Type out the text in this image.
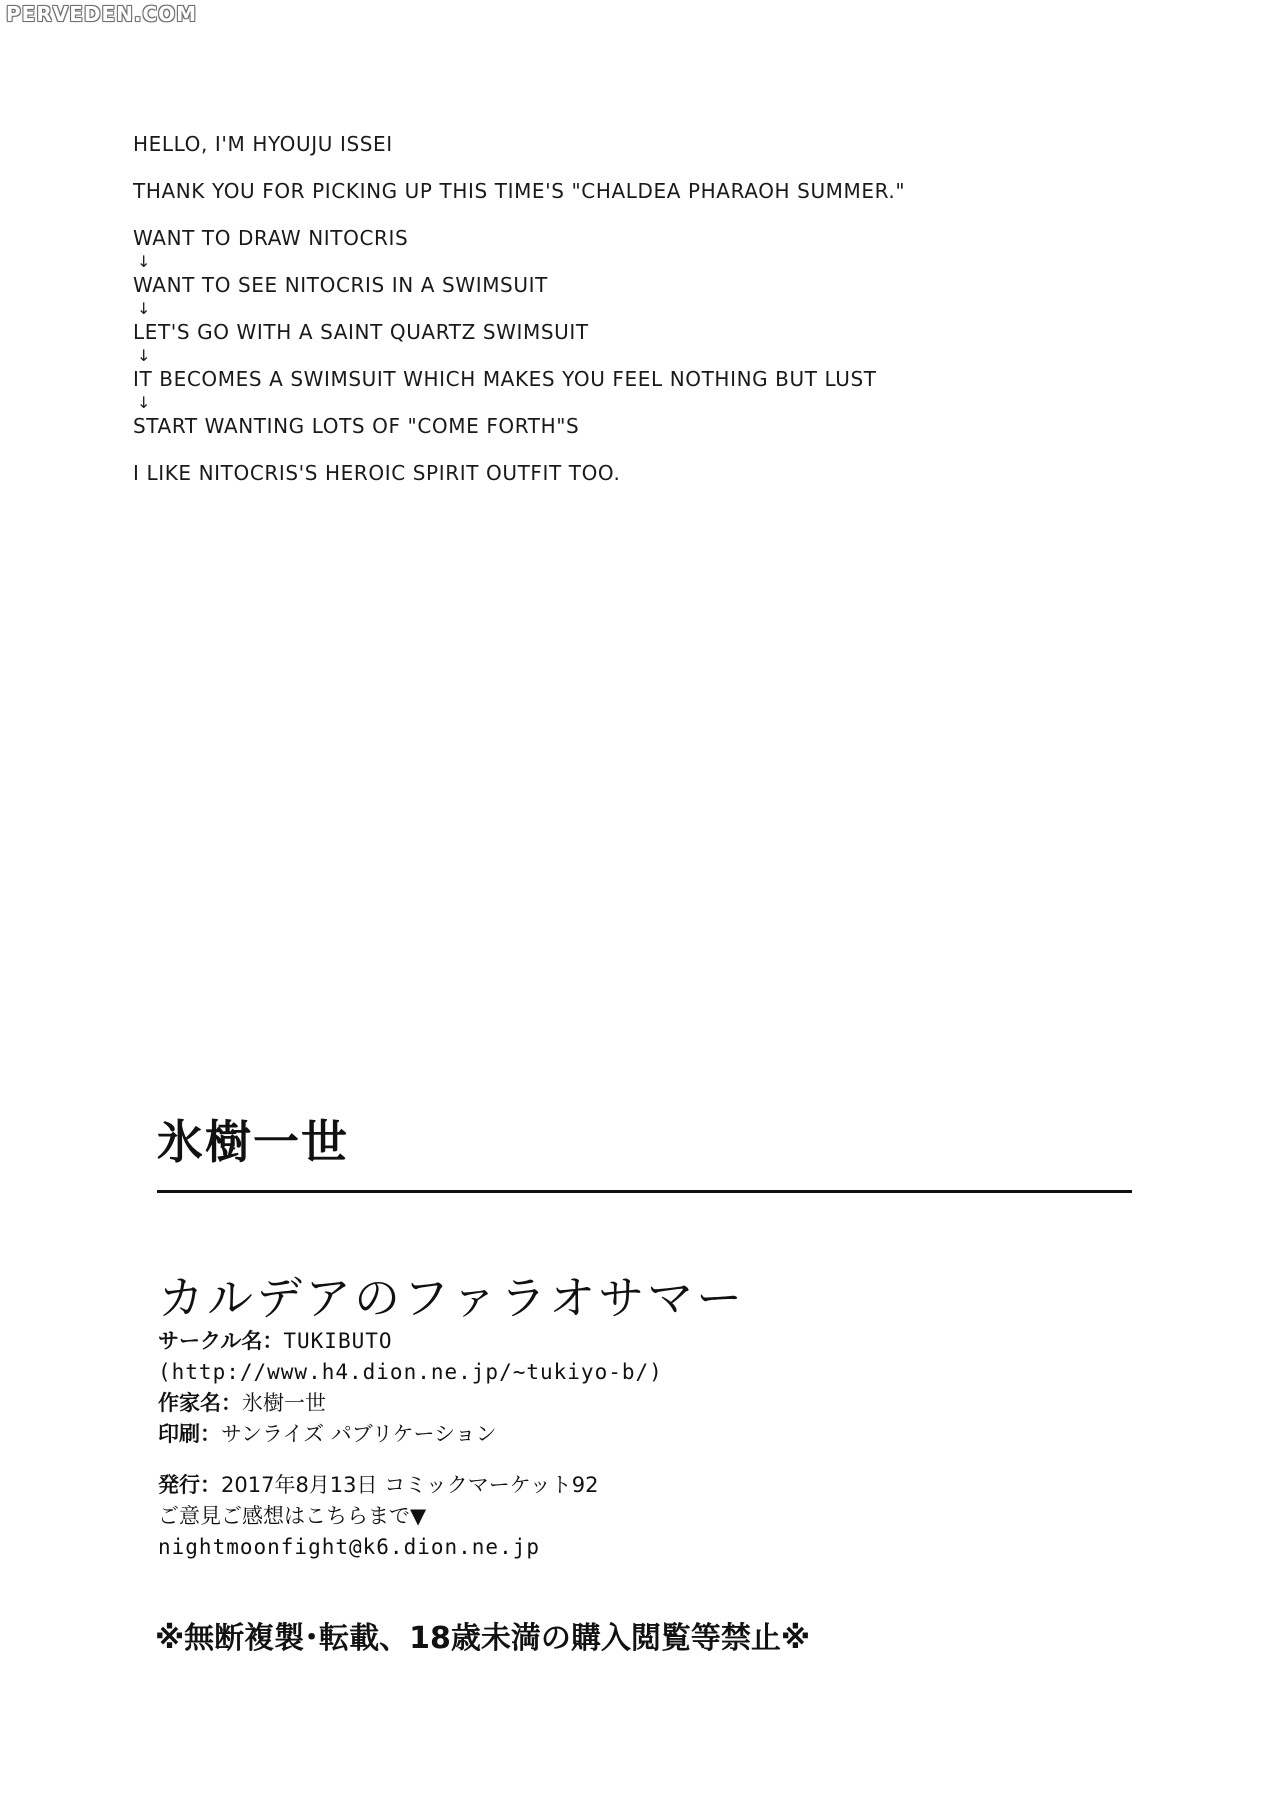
PERVEDEN.COM
HELLO, I'M HYOUJU ISSEI
THANK YOU FOR PICKING UP THIS TIME'S "CHALDEA PHARAOH SUMMER."
WANT TO DRAW NITOCRIS
↓
WANT TO SEE NITOCRIS IN A SWIMSUIT
↓
LET'S GO WITH A SAINT QUARTZ SWIMSUIT
↓
IT BECOMES A SWIMSUIT WHICH MAKES YOU FEEL NOTHING BUT LUST
↓
START WANTING LOTS OF "COME FORTH"S
I LIKE NITOCRIS'S HEROIC SPIRIT OUTFIT TOO.
氷樹一世
カルデアのファラオサマー
サークル名：TUKIBUTO
(http://www.h4.dion.ne.jp/~tukiyo-b/)
作家名：氷樹一世
印刷：サンライズ パブリケーション
発行：2017年8月13日 コミックマーケット92
ご意見ご感想はこちらまで▼
nightmoonfight@k6.dion.ne.jp
※無断複製･転載、18歳未満の購入閲覧等禁止※
